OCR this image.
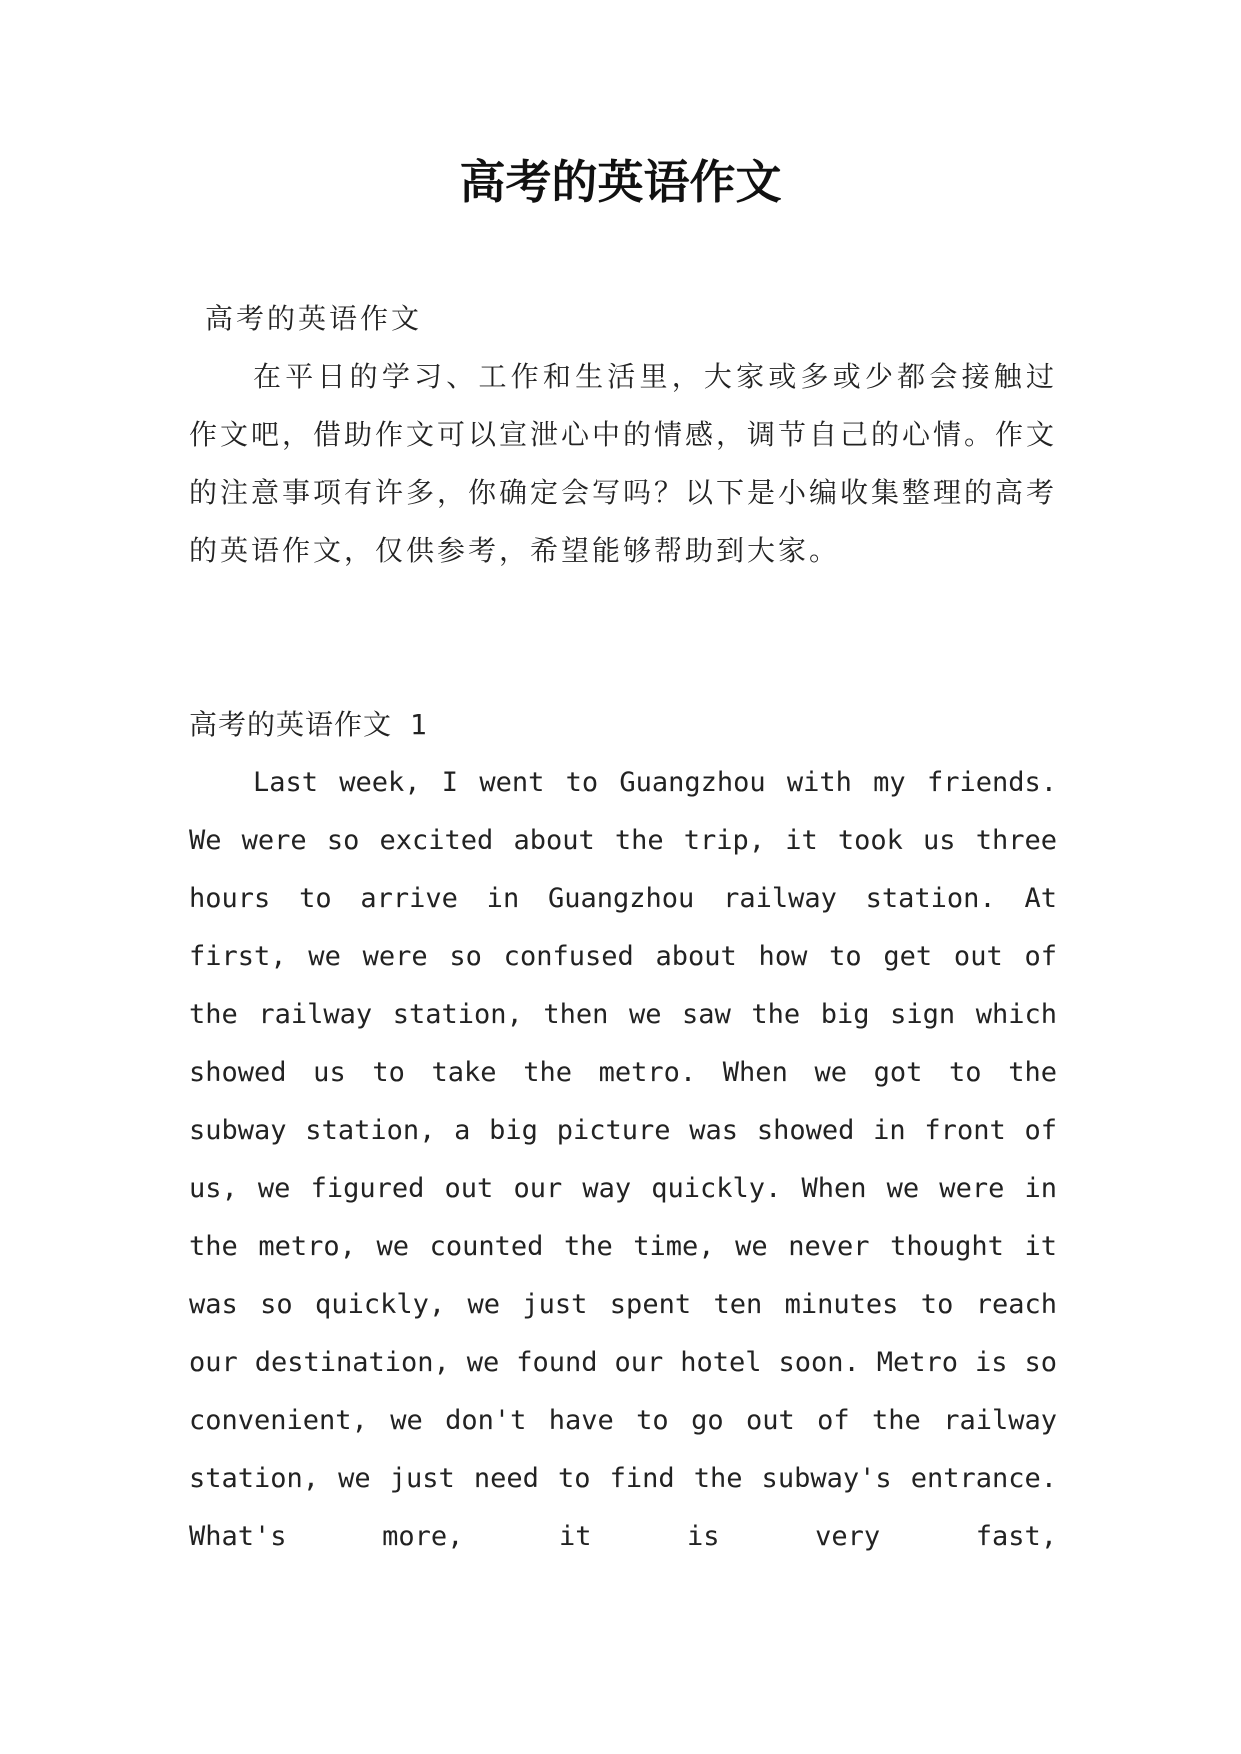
高考的英语作文

高考的英语作文

在平日的学习、工作和生活里，大家或多或少都会接触过作文吧，借助作文可以宣泄心中的情感，调节自己的心情。作文的注意事项有许多，你确定会写吗？以下是小编收集整理的高考的英语作文，仅供参考，希望能够帮助到大家。

高考的英语作文 1

Last week, I went to Guangzhou with my friends. We were so excited about the trip, it took us three hours to arrive in Guangzhou railway station. At first, we were so confused about how to get out of the railway station, then we saw the big sign which showed us to take the metro. When we got to the subway station, a big picture was showed in front of us, we figured out our way quickly. When we were in the metro, we counted the time, we never thought it was so quickly, we just spent ten minutes to reach our destination, we found our hotel soon. Metro is so convenient, we don't have to go out of the railway station, we just need to find the subway's entrance. What's more, it is very fast,
